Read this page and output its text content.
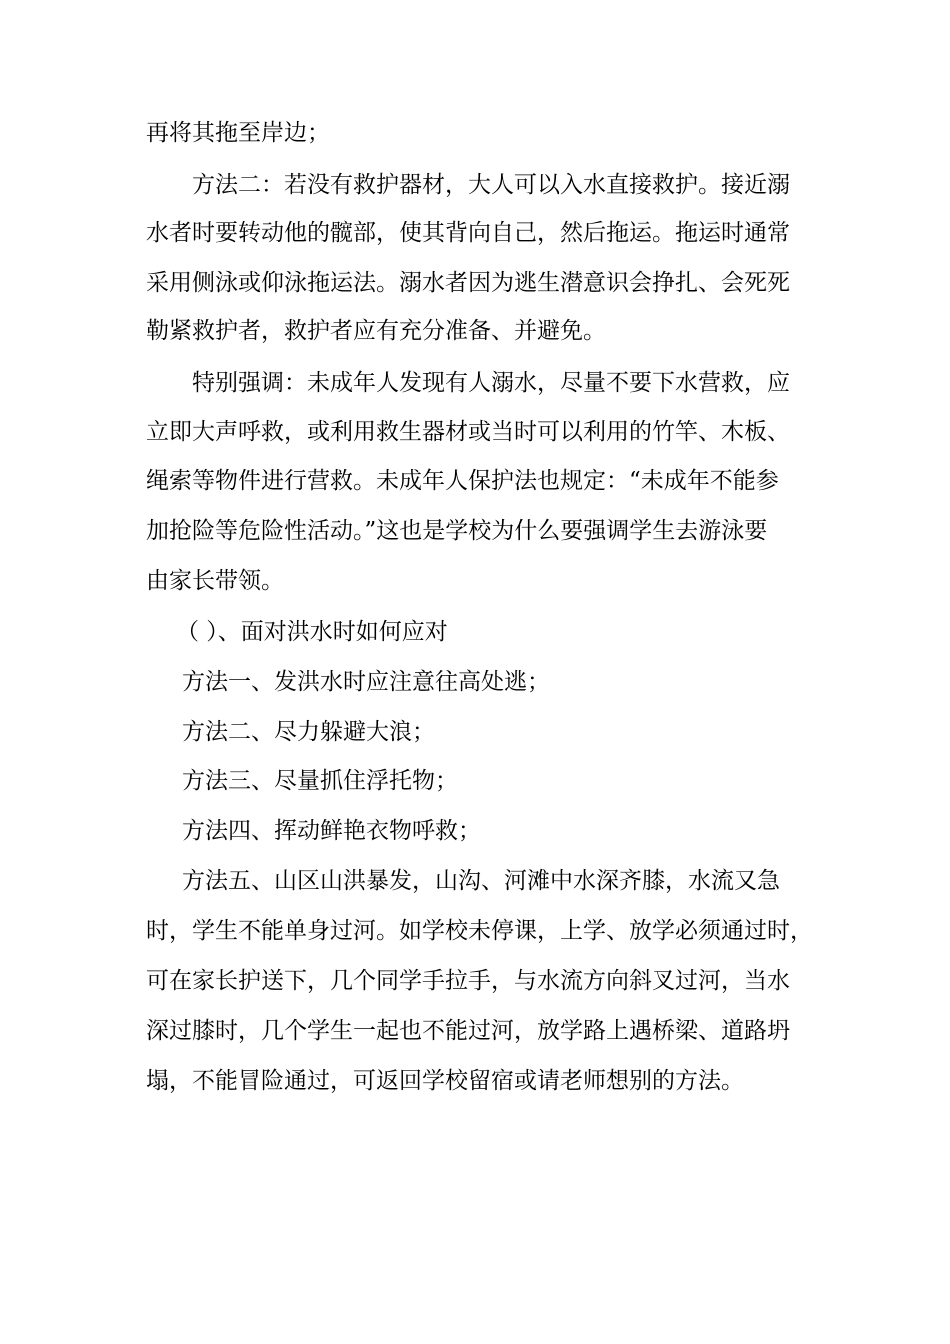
再将其拖至岸边；
方法二：若没有救护器材，大人可以入水直接救护。接近溺
水者时要转动他的髋部，使其背向自己，然后拖运。拖运时通常
采用侧泳或仰泳拖运法。溺水者因为逃生潜意识会挣扎、会死死
勒紧救护者，救护者应有充分准备、并避免。
特别强调：未成年人发现有人溺水，尽量不要下水营救，应
立即大声呼救，或利用救生器材或当时可以利用的竹竿、木板、
绳索等物件进行营救。未成年人保护法也规定：“未成年不能参
加抢险等危险性活动。”这也是学校为什么要强调学生去游泳要
由家长带领。
（ ）、面对洪水时如何应对
方法一、发洪水时应注意往高处逃；
方法二、尽力躲避大浪；
方法三、尽量抓住浮托物；
方法四、挥动鲜艳衣物呼救；
方法五、山区山洪暴发，山沟、河滩中水深齐膝，水流又急
时，学生不能单身过河。如学校未停课，上学、放学必须通过时，
可在家长护送下，几个同学手拉手，与水流方向斜叉过河，当水
深过膝时，几个学生一起也不能过河，放学路上遇桥梁、道路坍
塌，不能冒险通过，可返回学校留宿或请老师想别的方法。
